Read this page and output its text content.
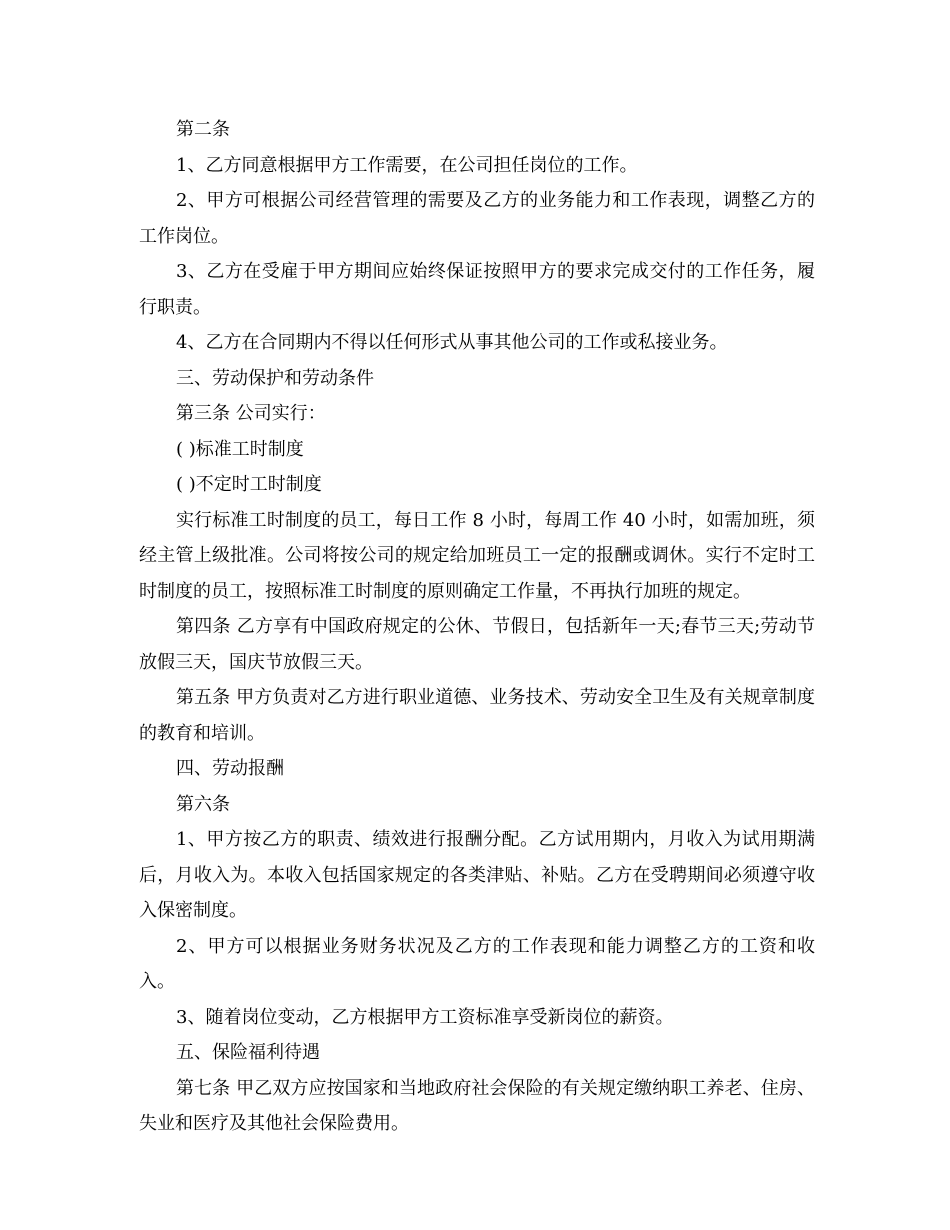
第二条

1、乙方同意根据甲方工作需要，在公司担任岗位的工作。

2、甲方可根据公司经营管理的需要及乙方的业务能力和工作表现，调整乙方的工作岗位。

3、乙方在受雇于甲方期间应始终保证按照甲方的要求完成交付的工作任务，履行职责。

4、乙方在合同期内不得以任何形式从事其他公司的工作或私接业务。

三、劳动保护和劳动条件

第三条 公司实行：

( )标准工时制度

( )不定时工时制度

实行标准工时制度的员工，每日工作 8 小时，每周工作 40 小时，如需加班，须经主管上级批准。公司将按公司的规定给加班员工一定的报酬或调休。实行不定时工时制度的员工，按照标准工时制度的原则确定工作量，不再执行加班的规定。

第四条 乙方享有中国政府规定的公休、节假日，包括新年一天;春节三天;劳动节放假三天，国庆节放假三天。

第五条 甲方负责对乙方进行职业道德、业务技术、劳动安全卫生及有关规章制度的教育和培训。

四、劳动报酬

第六条

1、甲方按乙方的职责、绩效进行报酬分配。乙方试用期内，月收入为试用期满后，月收入为。本收入包括国家规定的各类津贴、补贴。乙方在受聘期间必须遵守收入保密制度。

2、甲方可以根据业务财务状况及乙方的工作表现和能力调整乙方的工资和收入。

3、随着岗位变动，乙方根据甲方工资标准享受新岗位的薪资。

五、保险福利待遇

第七条 甲乙双方应按国家和当地政府社会保险的有关规定缴纳职工养老、住房、失业和医疗及其他社会保险费用。
